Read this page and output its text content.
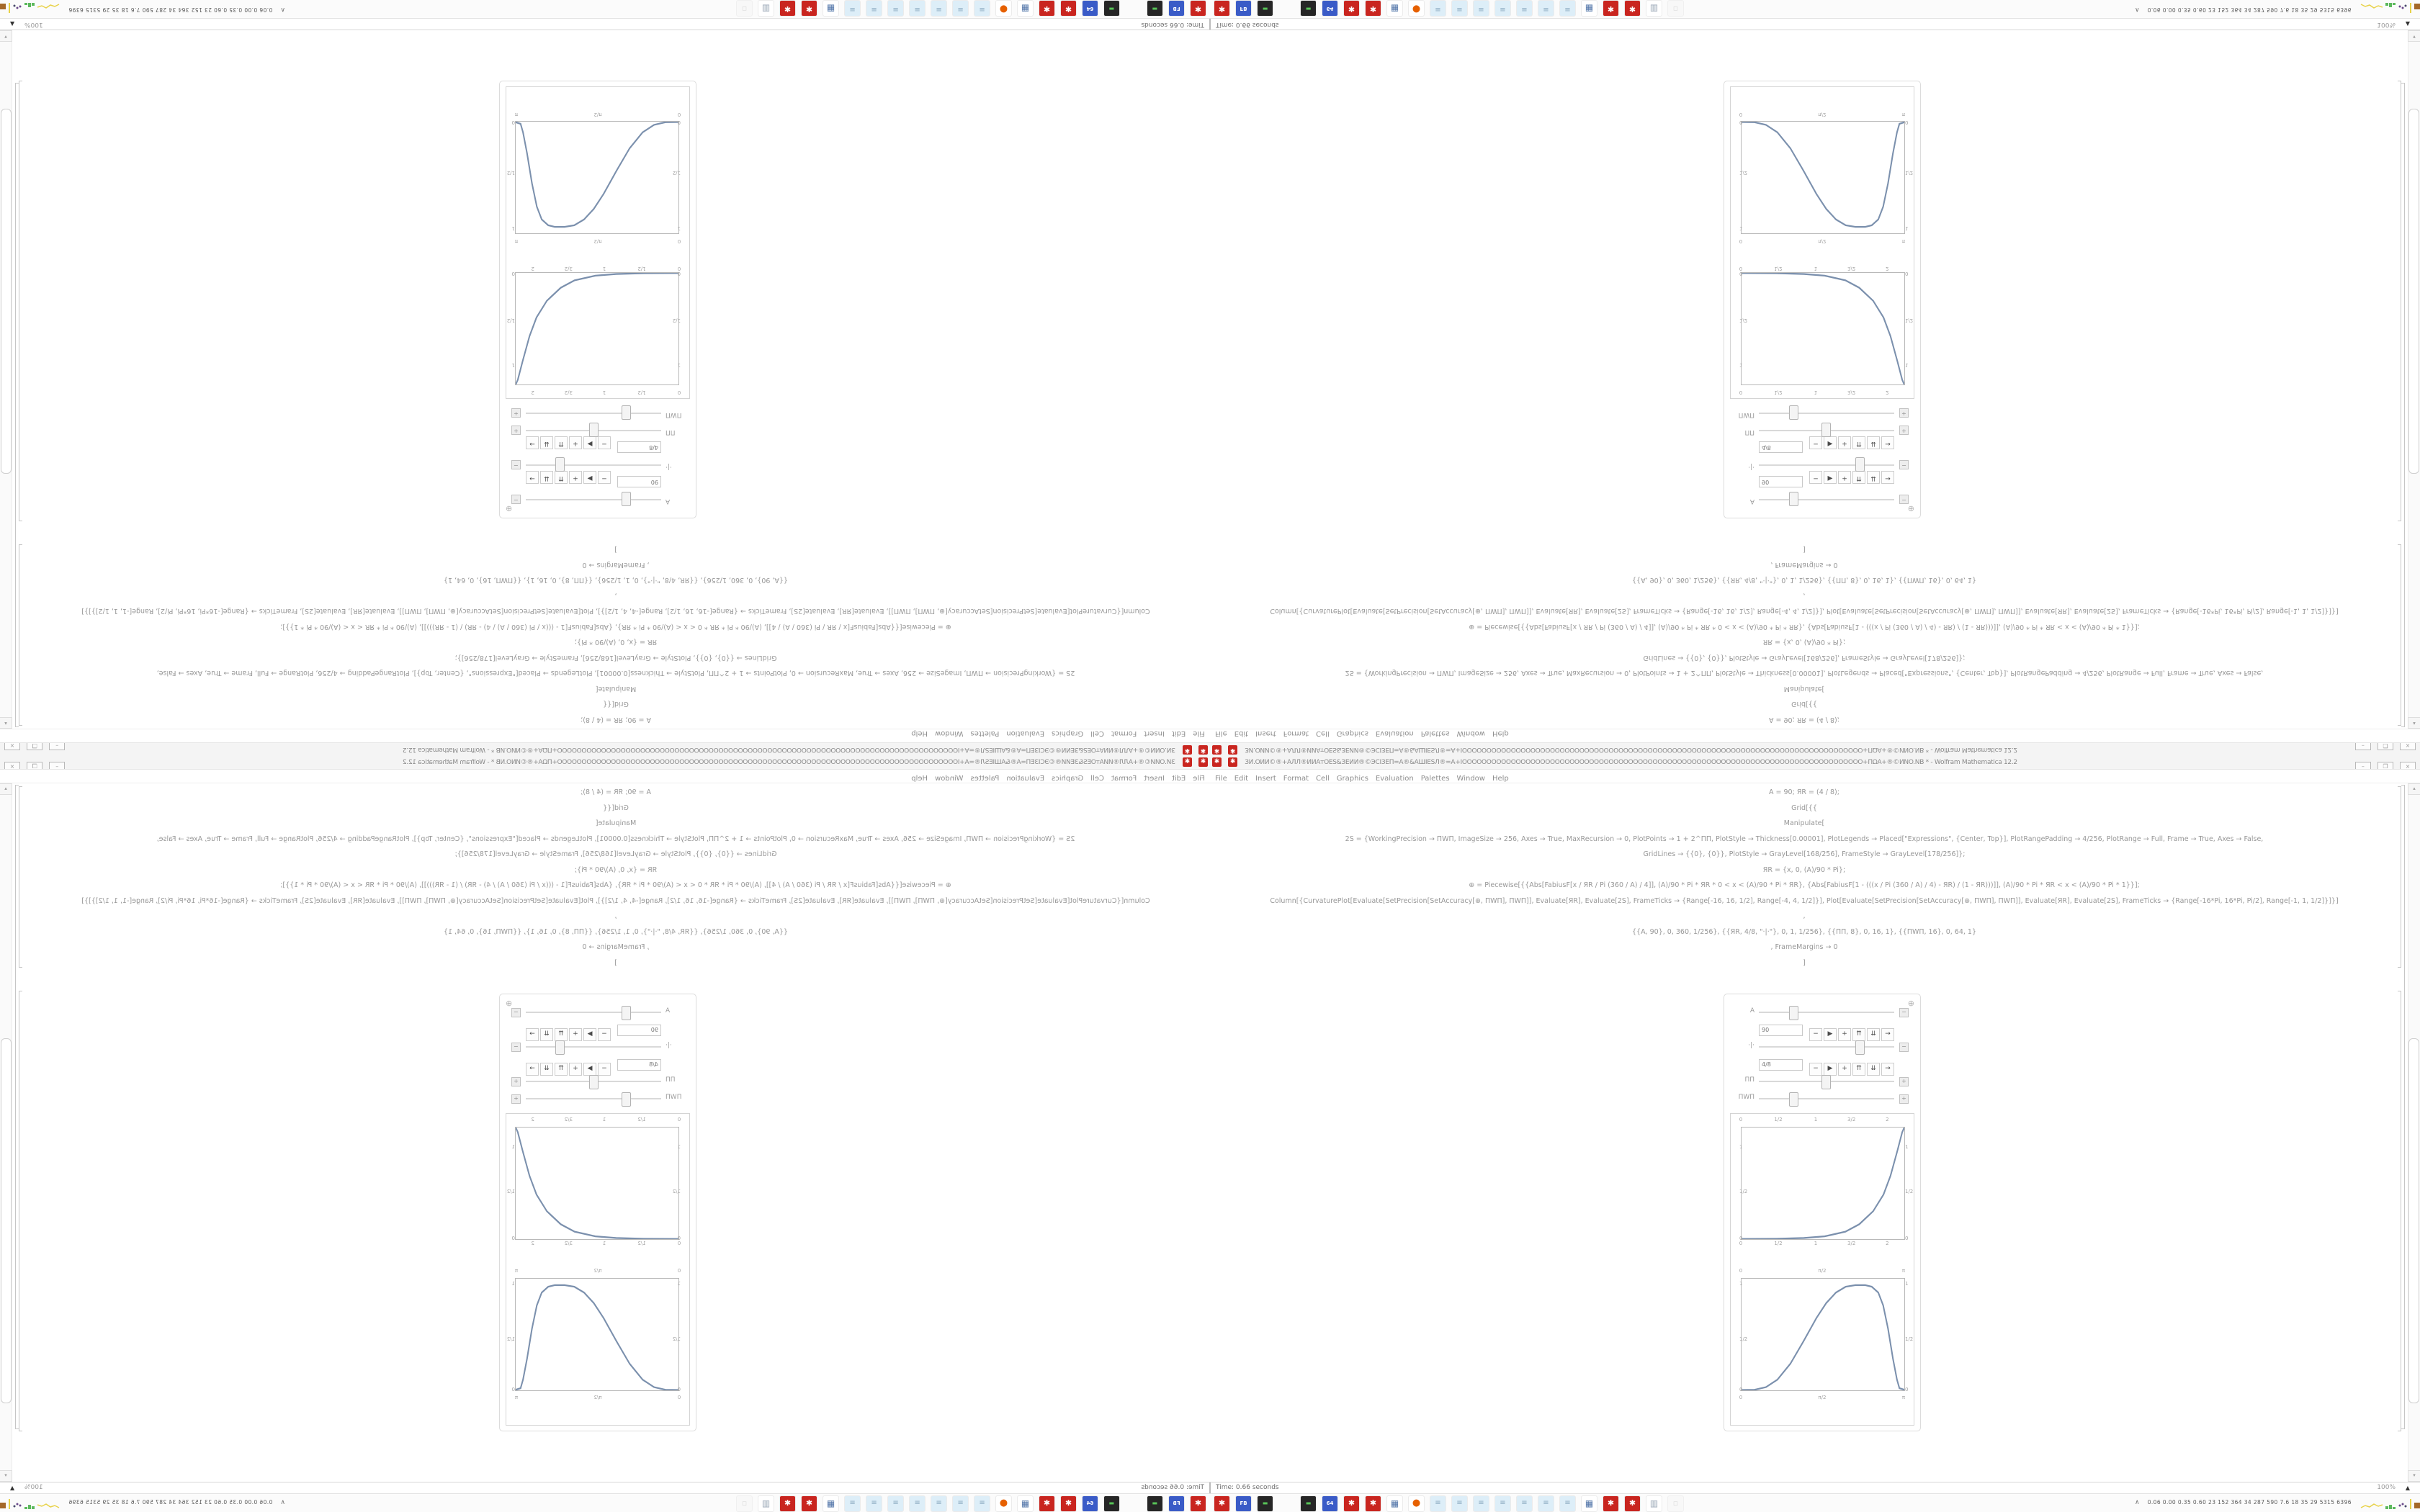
✱ ✱ ЗИ.ОИИ©®+АЛЛ®ИИАтОЕS&ЗЕИИ®©ЭСIЗЕП=А®&АШIЕSЛ®=А+IОООООООООООООООООООООООООООООООООООООООООООООООООООООООООООООООООООООООООООООООООО+ПΩА+®©ИNO.NB * - Wolfram Mathematica 12.2
– ❐ ×
FileEditInsertFormatCellGraphicsEvaluationPalettesWindowHelp
А = 90; ЯR = (4 / 8);
Grid[{{
Manipulate[
2S = {WorkingPrecision → ПWП, ImageSize → 256, Axes → True, MaxRecursion → 0, PlotPoints → 1 + 2^ПП, PlotStyle → Thickness[0.00001], PlotLegends → Placed["Expressions", {Center, Top}], PlotRangePadding → 4/256, PlotRange → Full, Frame → True, Axes → False,
GridLines → {{0}, {0}}, PlotStyle → GrayLevel[168/256], FrameStyle → GrayLevel[178/256]};
ЯR = {x, 0, (А)/90 * Pi};
⊕ = Piecewise[{{Abs[FabiusF[x / ЯR / Pi (360 / А) / 4]], (А)/90 * Pi * ЯR * 0 < x < (А)/90 * Pi * ЯR}, {Abs[FabiusF[1 - (((x / Pi (360 / А) / 4) - ЯR) / (1 - ЯR)))]], (А)/90 * Pi * ЯR < x < (А)/90 * Pi * 1}}];
Column[{CurvaturePlot[Evaluate[SetPrecision[SetAccuracy[⊕, ПWП], ПWП]], Evaluate[ЯR], Evaluate[2S], FrameTicks → {Range[-16, 16, 1/2], Range[-4, 4, 1/2]}], Plot[Evaluate[SetPrecision[SetAccuracy[⊕, ПWП], ПWП]], Evaluate[ЯR], Evaluate[2S], FrameTicks → {Range[-16*Pi, 16*Pi, Pi/2], Range[-1, 1, 1/2]}]}]
,
{{А, 90}, 0, 360, 1/256}, {{ЯR, 4/8, "·|·"}, 0, 1, 1/256}, {{ПП, 8}, 0, 16, 1}, {{ПWП, 16}, 0, 64, 1}
, FrameMargins → 0
]
▴
▾
⊕
А
−
90
−▶+⇈⇊→
·|·
−
4/8
−▶+⇈⇊→
ПП
+
ПWП
+
0
1/2
1
3/2
2
0
1/2
1
0
1/2
1
0
1/2
1
3/2
2
0
π/2
π
0
1/2
1
0
1/2
1
0
π/2
π
Time: 0.66 seconds
100%
▲
✱FB▬▬64✱✱▦●≡≡≡≡≡≡≡▦✱✱▥▫
∧ $^{0.06 0.00 0.35 0.60 23 152 364 34 287 590 7.6 18 35 29 5315 6396}$
✱ ✱ ЗИ.ОИИ©®+АЛЛ®ИИАтОЕS&ЗЕИИ®©ЭСIЗЕП=А®&АШIЕSЛ®=А+IОООООООООООООООООООООООООООООООООООООООООООООООООООООООООООООООООООООООООООООООООО+ПΩА+®©ИNO.NB * - Wolfram Mathematica 12.2
–	❐	×
File Edit Insert Format Cell Graphics Evaluation Palettes Window Help
А = 90; ЯR = (4 / 8);
Grid[{{
Manipulate[
2S = {WorkingPrecision → ПWП, ImageSize → 256, Axes → True, MaxRecursion → 0, PlotPoints → 1 + 2^ПП, PlotStyle → Thickness[0.00001], PlotLegends → Placed["Expressions", {Center, Top}], PlotRangePadding → 4/256, PlotRange → Full, Frame → True, Axes → False,
GridLines → {{0}, {0}}, PlotStyle → GrayLevel[168/256], FrameStyle → GrayLevel[178/256]};
ЯR = {x, 0, (А)/90 * Pi};
⊕ = Piecewise[{{Abs[FabiusF[x / ЯR / Pi (360 / А) / 4]], (А)/90 * Pi * ЯR * 0 < x < (А)/90 * Pi * ЯR}, {Abs[FabiusF[1 - (((x / Pi (360 / А) / 4) - ЯR) / (1 - ЯR)))]], (А)/90 * Pi * ЯR < x < (А)/90 * Pi * 1}}];
Column[{CurvaturePlot[Evaluate[SetPrecision[SetAccuracy[⊕, ПWП], ПWП]], Evaluate[ЯR], Evaluate[2S], FrameTicks → {Range[-16, 16, 1/2], Range[-4, 4, 1/2]}], Plot[Evaluate[SetPrecision[SetAccuracy[⊕, ПWП], ПWП]], Evaluate[ЯR], Evaluate[2S], FrameTicks → {Range[-16*Pi, 16*Pi, Pi/2], Range[-1, 1, 1/2]}]}]
,
{{А, 90}, 0, 360, 1/256}, {{ЯR, 4/8, "·|·"}, 0, 1, 1/256}, {{ПП, 8}, 0, 16, 1}, {{ПWП, 16}, 0, 64, 1}
, FrameMargins → 0
]
▴
▾
⊕
А	−
90
− ▶ + ⇈ ⇊ →
·|·	−
4/8
− ▶ + ⇈ ⇊ →
ПП	+
ПWП	+
0	1/2	1	3/2	2
0
1/2
1
0
1/2
1
0	1/2	1	3/2	2
0	π/2	π
0
1/2
1
0
1/2
1
0	π/2	π
Time: 0.66 seconds	100% ▲
✱	FB	▬	▬	64 ✱ ✱ ▦ ● ≡ ≡ ≡ ≡ ≡ ≡ ≡ ▦ ✱ ✱ ▥ ▫	∧ $^{0.06 0.00 0.35 0.60 23 152 364 34 287 590 7.6 18 35 29 5315 6396}$
✱ ✱ ЗИ.ОИИ©®+АЛЛ®ИИАтОЕS&ЗЕИИ®©ЭСIЗЕП=А®&АШIЕSЛ®=А+IОООООООООООООООООООООООООООООООООООООООООООООООООООООООООООООООООООООООООООООООООО+ПΩА+®©ИNO.NB * - Wolfram Mathematica 12.2
– ❐ ×
FileEditInsertFormatCellGraphicsEvaluationPalettesWindowHelp
А = 90; ЯR = (4 / 8);
Grid[{{
Manipulate[
2S = {WorkingPrecision → ПWП, ImageSize → 256, Axes → True, MaxRecursion → 0, PlotPoints → 1 + 2^ПП, PlotStyle → Thickness[0.00001], PlotLegends → Placed["Expressions", {Center, Top}], PlotRangePadding → 4/256, PlotRange → Full, Frame → True, Axes → False,
GridLines → {{0}, {0}}, PlotStyle → GrayLevel[168/256], FrameStyle → GrayLevel[178/256]};
ЯR = {x, 0, (А)/90 * Pi};
⊕ = Piecewise[{{Abs[FabiusF[x / ЯR / Pi (360 / А) / 4]], (А)/90 * Pi * ЯR * 0 < x < (А)/90 * Pi * ЯR}, {Abs[FabiusF[1 - (((x / Pi (360 / А) / 4) - ЯR) / (1 - ЯR)))]], (А)/90 * Pi * ЯR < x < (А)/90 * Pi * 1}}];
Column[{CurvaturePlot[Evaluate[SetPrecision[SetAccuracy[⊕, ПWП], ПWП]], Evaluate[ЯR], Evaluate[2S], FrameTicks → {Range[-16, 16, 1/2], Range[-4, 4, 1/2]}], Plot[Evaluate[SetPrecision[SetAccuracy[⊕, ПWП], ПWП]], Evaluate[ЯR], Evaluate[2S], FrameTicks → {Range[-16*Pi, 16*Pi, Pi/2], Range[-1, 1, 1/2]}]}]
,
{{А, 90}, 0, 360, 1/256}, {{ЯR, 4/8, "·|·"}, 0, 1, 1/256}, {{ПП, 8}, 0, 16, 1}, {{ПWП, 16}, 0, 64, 1}
, FrameMargins → 0
]
▴
▾
⊕
А
−
90
−▶+⇈⇊→
·|·
−
4/8
−▶+⇈⇊→
ПП
+
ПWП
+
0
1/2
1
3/2
2
0
1/2
1
0
1/2
1
0
1/2
1
3/2
2
0
π/2
π
0
1/2
1
0
1/2
1
0
π/2
π
Time: 0.66 seconds
100%
▲
✱FB▬▬64✱✱▦●≡≡≡≡≡≡≡▦✱✱▥▫
∧ $^{0.06 0.00 0.35 0.60 23 152 364 34 287 590 7.6 18 35 29 5315 6396}$
✱ ✱ ЗИ.ОИИ©®+АЛЛ®ИИАтОЕS&ЗЕИИ®©ЭСIЗЕП=А®&АШIЕSЛ®=А+IОООООООООООООООООООООООООООООООООООООООООООООООООООООООООООООООООООООООООООООООООО+ПΩА+®©ИNO.NB * - Wolfram Mathematica 12.2
–	❐	×
File Edit Insert Format Cell Graphics Evaluation Palettes Window Help
А = 90; ЯR = (4 / 8);
Grid[{{
Manipulate[
2S = {WorkingPrecision → ПWП, ImageSize → 256, Axes → True, MaxRecursion → 0, PlotPoints → 1 + 2^ПП, PlotStyle → Thickness[0.00001], PlotLegends → Placed["Expressions", {Center, Top}], PlotRangePadding → 4/256, PlotRange → Full, Frame → True, Axes → False,
GridLines → {{0}, {0}}, PlotStyle → GrayLevel[168/256], FrameStyle → GrayLevel[178/256]};
ЯR = {x, 0, (А)/90 * Pi};
⊕ = Piecewise[{{Abs[FabiusF[x / ЯR / Pi (360 / А) / 4]], (А)/90 * Pi * ЯR * 0 < x < (А)/90 * Pi * ЯR}, {Abs[FabiusF[1 - (((x / Pi (360 / А) / 4) - ЯR) / (1 - ЯR)))]], (А)/90 * Pi * ЯR < x < (А)/90 * Pi * 1}}];
Column[{CurvaturePlot[Evaluate[SetPrecision[SetAccuracy[⊕, ПWП], ПWП]], Evaluate[ЯR], Evaluate[2S], FrameTicks → {Range[-16, 16, 1/2], Range[-4, 4, 1/2]}], Plot[Evaluate[SetPrecision[SetAccuracy[⊕, ПWП], ПWП]], Evaluate[ЯR], Evaluate[2S], FrameTicks → {Range[-16*Pi, 16*Pi, Pi/2], Range[-1, 1, 1/2]}]}]
,
{{А, 90}, 0, 360, 1/256}, {{ЯR, 4/8, "·|·"}, 0, 1, 1/256}, {{ПП, 8}, 0, 16, 1}, {{ПWП, 16}, 0, 64, 1}
, FrameMargins → 0
]
▴
▾
⊕
А	−
90
− ▶ + ⇈ ⇊ →
·|·	−
4/8
− ▶ + ⇈ ⇊ →
ПП	+
ПWП	+
0	1/2	1	3/2	2
0
1/2
1
0
1/2
1
0	1/2	1	3/2	2
0	π/2	π
0
1/2
1
0
1/2
1
0	π/2	π
Time: 0.66 seconds	100% ▲
✱	FB	▬	▬	64 ✱ ✱ ▦ ● ≡ ≡ ≡ ≡ ≡ ≡ ≡ ▦ ✱ ✱ ▥ ▫	∧ $^{0.06 0.00 0.35 0.60 23 152 364 34 287 590 7.6 18 35 29 5315 6396}$
